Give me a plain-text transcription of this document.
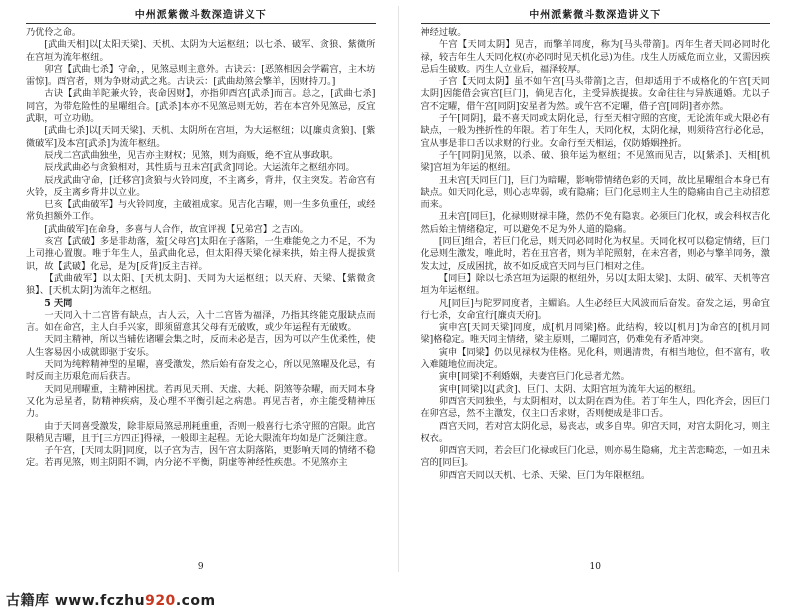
中州派紫微斗数深造讲义下

乃优伶之命。

[武曲天相]以[太阳天梁]、天机、太阴为大运枢纽；以七杀、破军、贪狼、紫微所在宫垣为流年枢纽。

卯宫【武曲七杀】守命，，见煞忌则主意外。古诀云：[恶煞相因会学霸宫，主木坊雷惊]。酉宫者，则为争财动武之兆。古诀云：[武曲劫煞会擎羊，因财持刀。]

古诀【武曲羊陀兼火铃，丧命因财】，亦指卯酉宫[武杀]而言。总之，[武曲七杀]同宫，为带危险性的星曜组合。[武杀]本亦不见煞忌则无妨，若在本宫外见煞忌，反宜武职，可立功勋。

[武曲七杀]以[天同天梁]、天机、太阴所在宫垣，为大运枢纽；以[廉贞贪狼]、[紫微破军]及本宫[武杀]为流年枢纽。

辰戌二宫武曲独坐，见吉亦主财权；见煞，则为商贩，绝不宜从事政职。

辰戌武曲必与贪狼相对，其性质与丑未宫[武贪]同论。大运流年之枢纽亦同。

辰戌武曲守命，[迁移宫]贪狼与火铃同度，不主离乡，背井，仅主突发。若命宫有火铃，反主离乡背井以立业。

巳亥【武曲破军】与火铃同度，主破祖成家。见吉化吉曜，则一生多负重任，或经常负担额外工作。

[武曲破军]在命身，多喜与人合作，故宜评视【兄弟宫】之吉凶。

亥宫【武破】多是非劫落，羞[父母宫]太阳在子落陷，一生难能免之力不足，不为上司推心置腹。唯于年生人，虽武曲化忌，但太阳得天梁化禄来拱，始主得人提拔赏识，故【武破】化忌，是为[反背]反主吉祥。

【武曲破军】以太阳、[天机太阴]、天同为大运枢纽；以天府、天梁、【紫微贪狼】、[天机太阴]为流年之枢纽。

5 天同

一天同入十二宫皆有缺点，古人云，入十二宫皆为福泽，乃指其终能克服缺点而言。如在命宫，主人白手兴家，即须留意其父母有无破败，或少年运程有无破败。

天同主精神，所以当辅佐诸曜会集之时，反而未必是吉，因为可以产生优柔性，使人生客易因小成就即驱于安乐。

天同为纯粹精神型的星曜，喜受激发，然后始有奋发之心，所以见煞曜及化忌，有时反而主历艰危而后获吉。

天同见刑曜重，主精神困扰。若再见天刑、天虚、大耗、阴煞等杂曜，而天同本身又化为忌星者，防精神疾病，及心理不平衡引起之病患。再见吉者，亦主能受精神压力。

由于天同喜受激发，除非原局煞忌刑耗重重，否则一般喜行七杀守照的宫限。此宫限稍见吉曜，且于[三方四正]得禄，一般即主起程。无论大限流年均如是广泛频注意。

子午宫，[天同太阴]同度，以子宫为吉，因午宫太阴落陷，更影响天同的情绪不稳定。若再见煞，则主阴阳不调，内分泌不平衡，阴虚等神经性疾患。不见煞亦主

9
中州派紫微斗数深造讲义下

神经过敏。

午宫【天同太阴】见吉，而擎羊同度，称为[马头带箭]。丙年生者天同必同时化禄，较吉年生人天同化权(亦必同时见天机化忌)为佳。戊生人历威危而立业，又需因疾忌后生破败。丙生人立业后，福泽较厚。

子宫【天同太阴】虽不如午宫[马头带箭]之吉，但却适用于不成格化的午宫[天同太阴]因能借会寅宫[巨门]，倘见吉化，主受异族提拔。女命往往与异族通婚。尤以子宫不定曜，借午宫[同阴]安星者为然。或午宫不定曜，借子宫[同阴]者亦然。

子午[同阴]，最不喜天同或太阴化忌，行至天相守照的宫度，无论流年或大限必有缺点，一般为挫折性的年限。若丁年生人，天同化权，太阴化禄，则须待宫行必化忌，宜从事是非口舌以求财的行业。女命行至天相运，仅防婚姻挫折。

子午[同阴]见煞，以杀、破、狼年运为枢纽；不见煞而见吉，以[紫杀]、天相[机梁]宫垣为年运的枢纽。

丑未宫[天同巨门]，巨门为暗曜，影响带情绪色彩的天同，故比星曜组合本身已有缺点。如天同化忌，则心志卑弱，或有隐痛；巨门化忌则主人生的隐痛由自己主动招惹而来。

丑未宫[同巨]，化禄则财禄丰隆，然仍不免有隐衷。必须巨门化权，或会科权吉化然后始主情绪稳定，可以避免不足为外人道的隐痛。

[同巨]组合，若巨门化忌，则天同必同时化为权星。天同化权可以稳定情绪，巨门化忌则生激发，唯此时，若在丑宫者，则为羊陀照射，在未宫者，则必与擎羊同务，激发太过，反成困扰，故不如反成宫天同与巨门相对之佳。

【同巨】除以七杀宫垣为运限的枢纽外，另以[太阳太梁]、太阴、破军、天机等宫垣为年运枢纽。

凡[同巨]与陀罗同度者，主媚谄。人生必经巨大风波而后奋发。奋发之运，男命宜行七杀，女命宜行[廉贞天府]。

寅申宫[天同天梁]同度，成[机月同梁]格。此结构，较以[机月]为命宫的[机月同梁]格稳定。唯天同主情绪，梁主原则，二曜同宫，仍难免有矛盾冲突。

寅申【同梁】仍以见禄权为佳格。见化科，则遇清贵，有相当地位，但不富有，收入难随地位而决定。

寅申[同梁]不利婚姻，夫妻宫巨门化忌者尤然。

寅申[同梁]以[武贪]、巨门、太阴、太阳宫垣为流年大运的枢纽。

卯酉宫天同独坐，与太阴相对，以太阴在酉为佳。若丁年生人，四化齐会，因巨门在卯宫忌，然不主激发，仅主口舌求财，否则便成是非口舌。

酉宫天同，若对宫太阴化忌，易丧志，或多自卑。卯宫天同，对宫太阴化习，则主权衣。

卯酉宫天同，若会巨门化禄或巨门化忌，则亦易生隐痛，尤主苦恋畸恋，一如丑未宫的[同巨]。

卯酉宫天同以天机、七杀、天梁、巨门为年限枢纽。

10
古籍库 www.fczhu920.com
